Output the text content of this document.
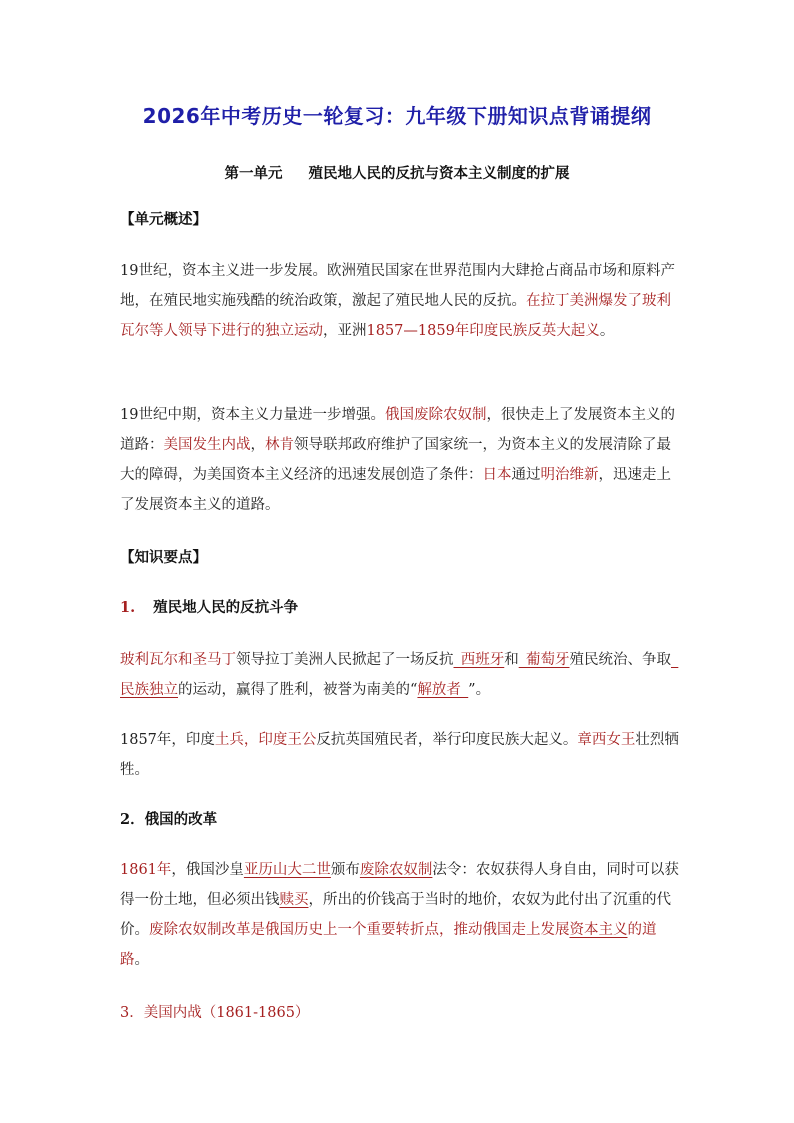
2026年中考历史一轮复习：九年级下册知识点背诵提纲
第一单元 殖民地人民的反抗与资本主义制度的扩展

【单元概述】

19世纪，资本主义进一步发展。欧洲殖民国家在世界范围内大肆抢占商品市场和原料产地，在殖民地实施残酷的统治政策，激起了殖民地人民的反抗。在拉丁美洲爆发了玻利瓦尔等人领导下进行的独立运动，亚洲1857—1859年印度民族反英大起义。

19世纪中期，资本主义力量进一步增强。俄国废除农奴制，很快走上了发展资本主义的道路：美国发生内战，林肯领导联邦政府维护了国家统一，为资本主义的发展清除了最大的障碍，为美国资本主义经济的迅速发展创造了条件：日本通过明治维新，迅速走上了发展资本主义的道路。

【知识要点】

1. 殖民地人民的反抗斗争

玻利瓦尔和圣马丁领导拉丁美洲人民掀起了一场反抗_西班牙和_葡萄牙殖民统治、争取_民族独立的运动，赢得了胜利，被誉为南美的“解放者_”。

1857年，印度土兵，印度王公反抗英国殖民者，举行印度民族大起义。章西女王壮烈牺牲。

2．俄国的改革

1861年，俄国沙皇亚历山大二世颁布废除农奴制法令：农奴获得人身自由，同时可以获得一份土地，但必须出钱赎买，所出的价钱高于当时的地价，农奴为此付出了沉重的代价。废除农奴制改革是俄国历史上一个重要转折点，推动俄国走上发展资本主义的道路。

3．美国内战（1861-1865）
